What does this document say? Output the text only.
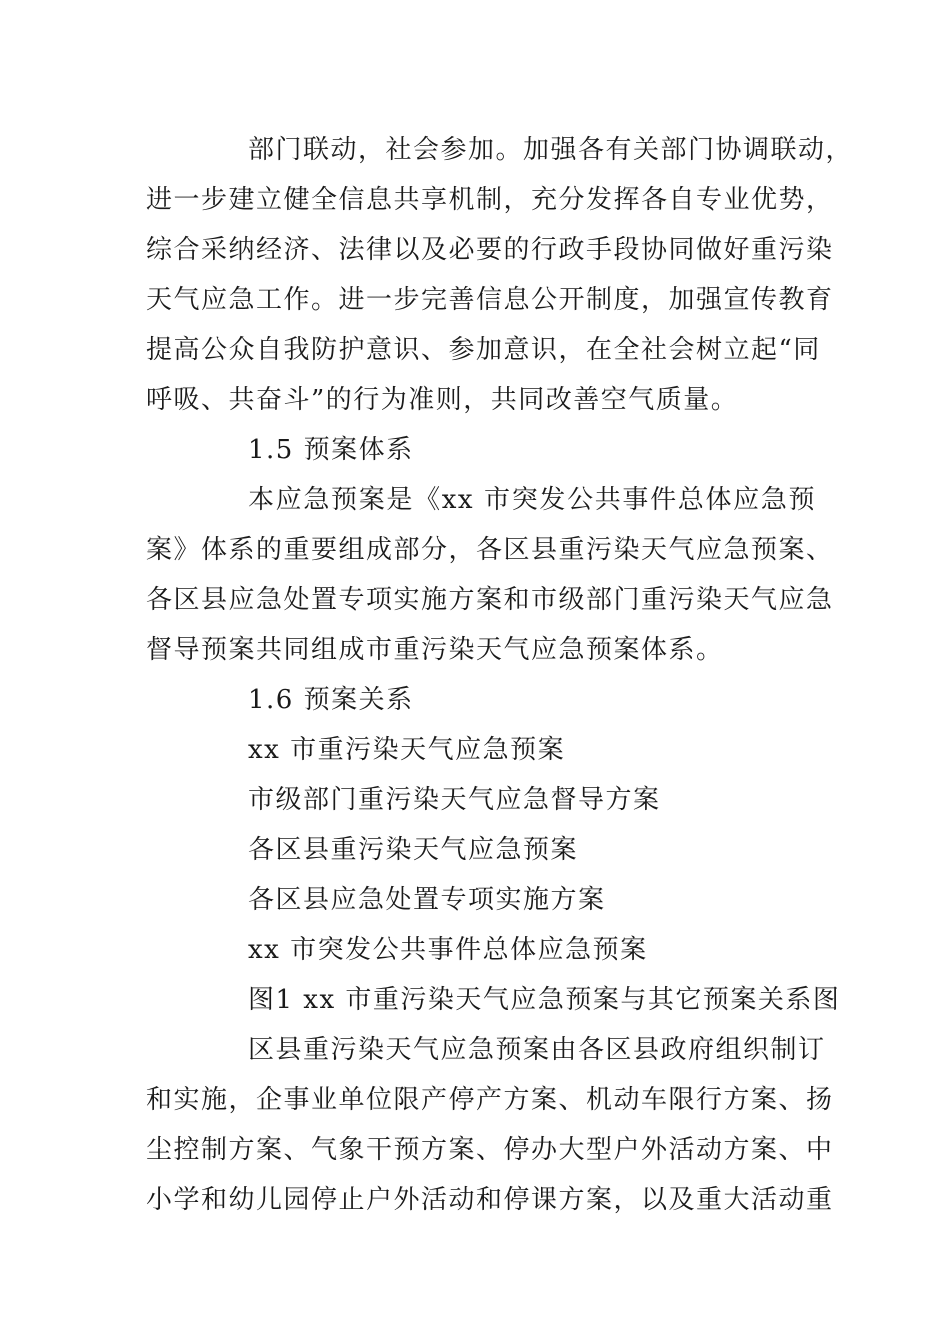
部门联动，社会参加。加强各有关部门协调联动，
进一步建立健全信息共享机制，充分发挥各自专业优势，
综合采纳经济、法律以及必要的行政手段协同做好重污染
天气应急工作。进一步完善信息公开制度，加强宣传教育
提高公众自我防护意识、参加意识，在全社会树立起“同
呼吸、共奋斗”的行为准则，共同改善空气质量。
1.5 预案体系
本应急预案是《xx 市突发公共事件总体应急预
案》体系的重要组成部分，各区县重污染天气应急预案、
各区县应急处置专项实施方案和市级部门重污染天气应急
督导预案共同组成市重污染天气应急预案体系。
1.6 预案关系
xx 市重污染天气应急预案
市级部门重污染天气应急督导方案
各区县重污染天气应急预案
各区县应急处置专项实施方案
xx 市突发公共事件总体应急预案
图1 xx 市重污染天气应急预案与其它预案关系图
区县重污染天气应急预案由各区县政府组织制订
和实施，企事业单位限产停产方案、机动车限行方案、扬
尘控制方案、气象干预方案、停办大型户外活动方案、中
小学和幼儿园停止户外活动和停课方案，以及重大活动重
